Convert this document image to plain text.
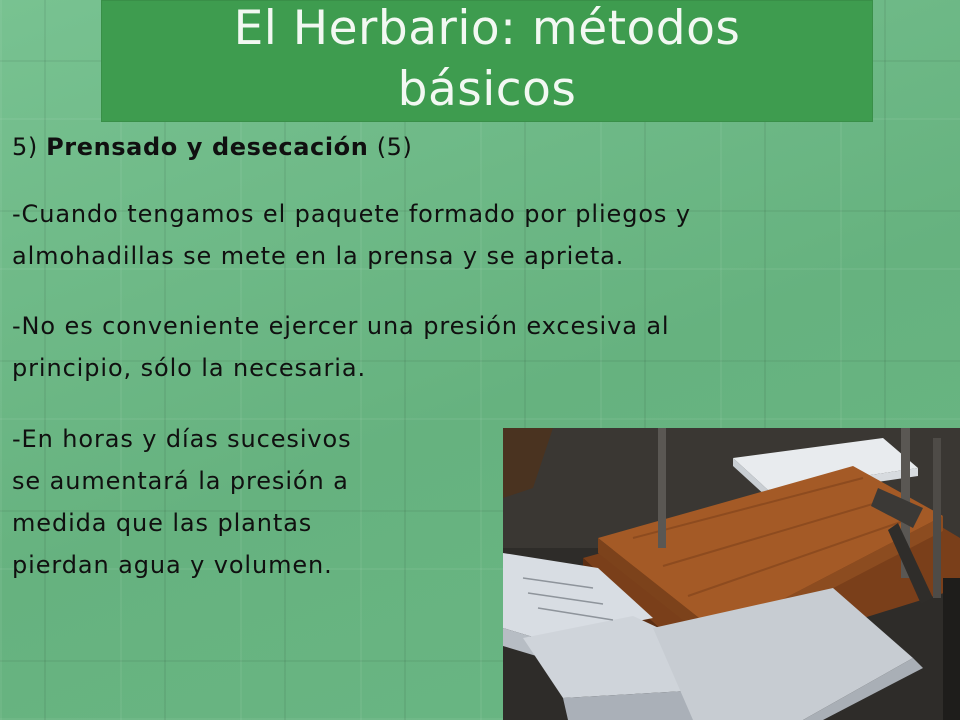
El Herbario: métodos
básicos

5) Prensado y desecación (5)

-Cuando tengamos el paquete formado por pliegos y
almohadillas se mete en la prensa y se aprieta.

-No es conveniente ejercer una presión excesiva al
principio, sólo la necesaria.

-En horas y días sucesivos
se aumentará la presión a
medida que las plantas
pierdan agua y volumen.
